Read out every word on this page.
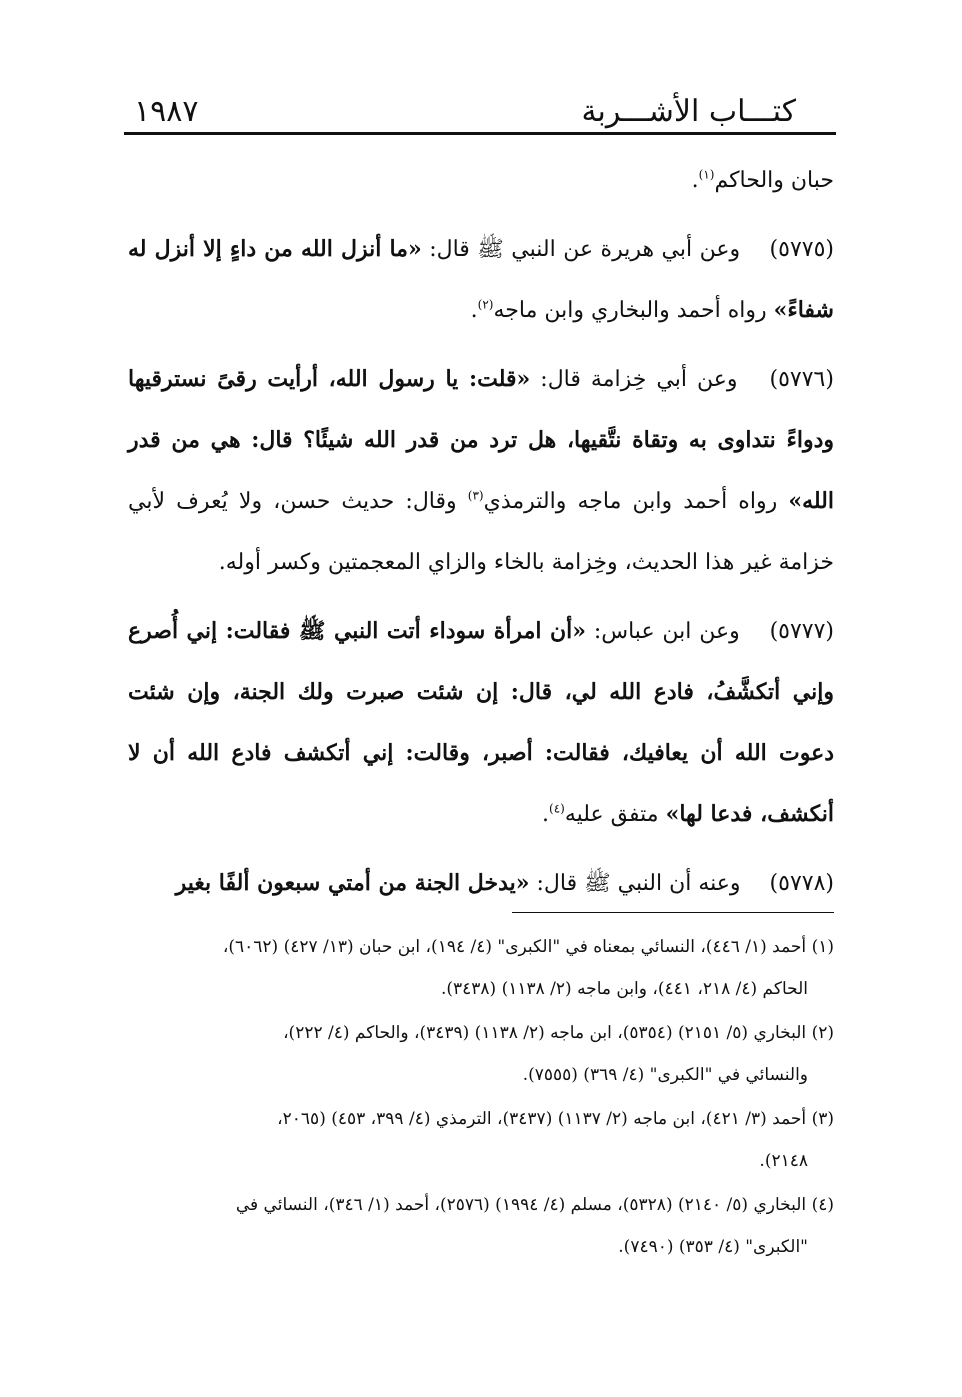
كتـــاب الأشـــربة
١٩٨٧

حبان والحاكم$^{(١)}$.

(٥٧٧٥) وعن أبي هريرة عن النبي ﷺ قال: «ما أنزل الله من داءٍ إلا أنزل له شفاءً» رواه أحمد والبخاري وابن ماجه$^{(٢)}$.

(٥٧٧٦) وعن أبي خِزامة قال: «قلت: يا رسول الله، أرأيت رقىً نسترقيها ودواءً نتداوى به وتقاة نتَّقيها، هل ترد من قدر الله شيئًا؟ قال: هي من قدر الله» رواه أحمد وابن ماجه والترمذي$^{(٣)}$ وقال: حديث حسن، ولا يُعرف لأبي خزامة غير هذا الحديث، وخِزامة بالخاء والزاي المعجمتين وكسر أوله.

(٥٧٧٧) وعن ابن عباس: «أن امرأة سوداء أتت النبي ﷺ فقالت: إني أُصرع وإني أتكشَّفُ، فادع الله لي، قال: إن شئت صبرت ولك الجنة، وإن شئت دعوت الله أن يعافيك، فقالت: أصبر، وقالت: إني أتكشف فادع الله أن لا أنكشف، فدعا لها» متفق عليه$^{(٤)}$.

(٥٧٧٨) وعنه أن النبي ﷺ قال: «يدخل الجنة من أمتي سبعون ألفًا بغير

(١) أحمد (١/ ٤٤٦)، النسائي بمعناه في "الكبرى" (٤/ ١٩٤)، ابن حبان (١٣/ ٤٢٧) (٦٠٦٢)،
الحاكم (٤/ ٢١٨، ٤٤١)، وابن ماجه (٢/ ١١٣٨) (٣٤٣٨).
(٢) البخاري (٥/ ٢١٥١) (٥٣٥٤)، ابن ماجه (٢/ ١١٣٨) (٣٤٣٩)، والحاكم (٤/ ٢٢٢)،
والنسائي في "الكبرى" (٤/ ٣٦٩) (٧٥٥٥).
(٣) أحمد (٣/ ٤٢١)، ابن ماجه (٢/ ١١٣٧) (٣٤٣٧)، الترمذي (٤/ ٣٩٩، ٤٥٣) (٢٠٦٥،
٢١٤٨).
(٤) البخاري (٥/ ٢١٤٠) (٥٣٢٨)، مسلم (٤/ ١٩٩٤) (٢٥٧٦)، أحمد (١/ ٣٤٦)، النسائي في
"الكبرى" (٤/ ٣٥٣) (٧٤٩٠).
